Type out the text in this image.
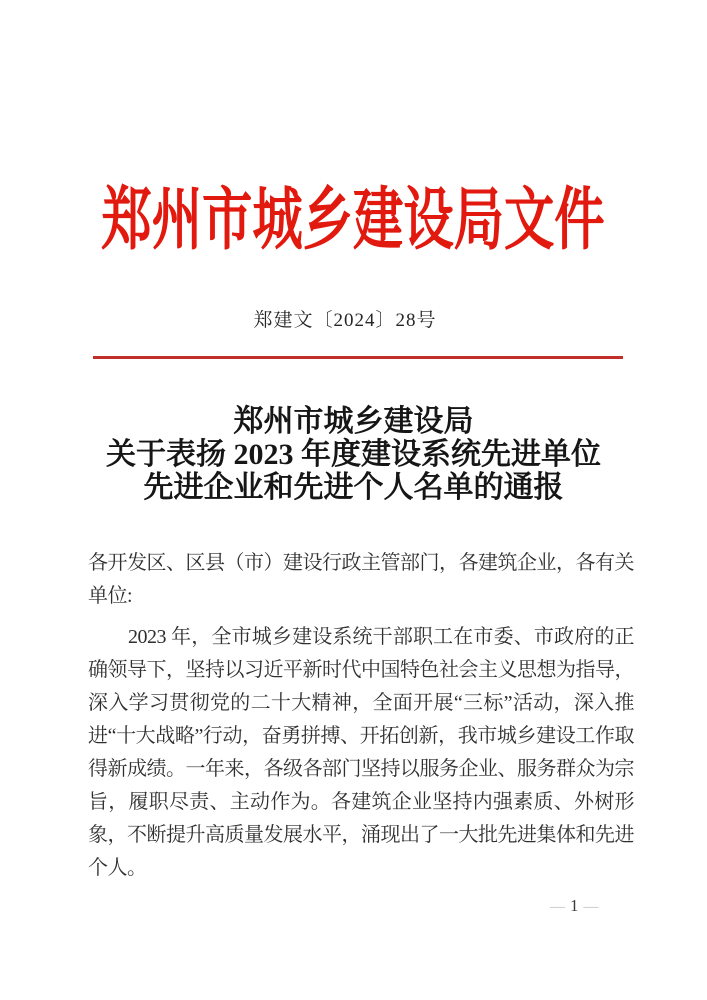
郑州市城乡建设局文件
郑建文〔2024〕28号
郑州市城乡建设局
关于表扬 2023 年度建设系统先进单位
先进企业和先进个人名单的通报

各开发区、区县（市）建设行政主管部门，各建筑企业，各有关单位:

2023 年，全市城乡建设系统干部职工在市委、市政府的正确领导下，坚持以习近平新时代中国特色社会主义思想为指导，深入学习贯彻党的二十大精神，全面开展“三标”活动，深入推进“十大战略”行动，奋勇拼搏、开拓创新，我市城乡建设工作取得新成绩。一年来，各级各部门坚持以服务企业、服务群众为宗旨，履职尽责、主动作为。各建筑企业坚持内强素质、外树形象，不断提升高质量发展水平，涌现出了一大批先进集体和先进个人。

— 1 —
